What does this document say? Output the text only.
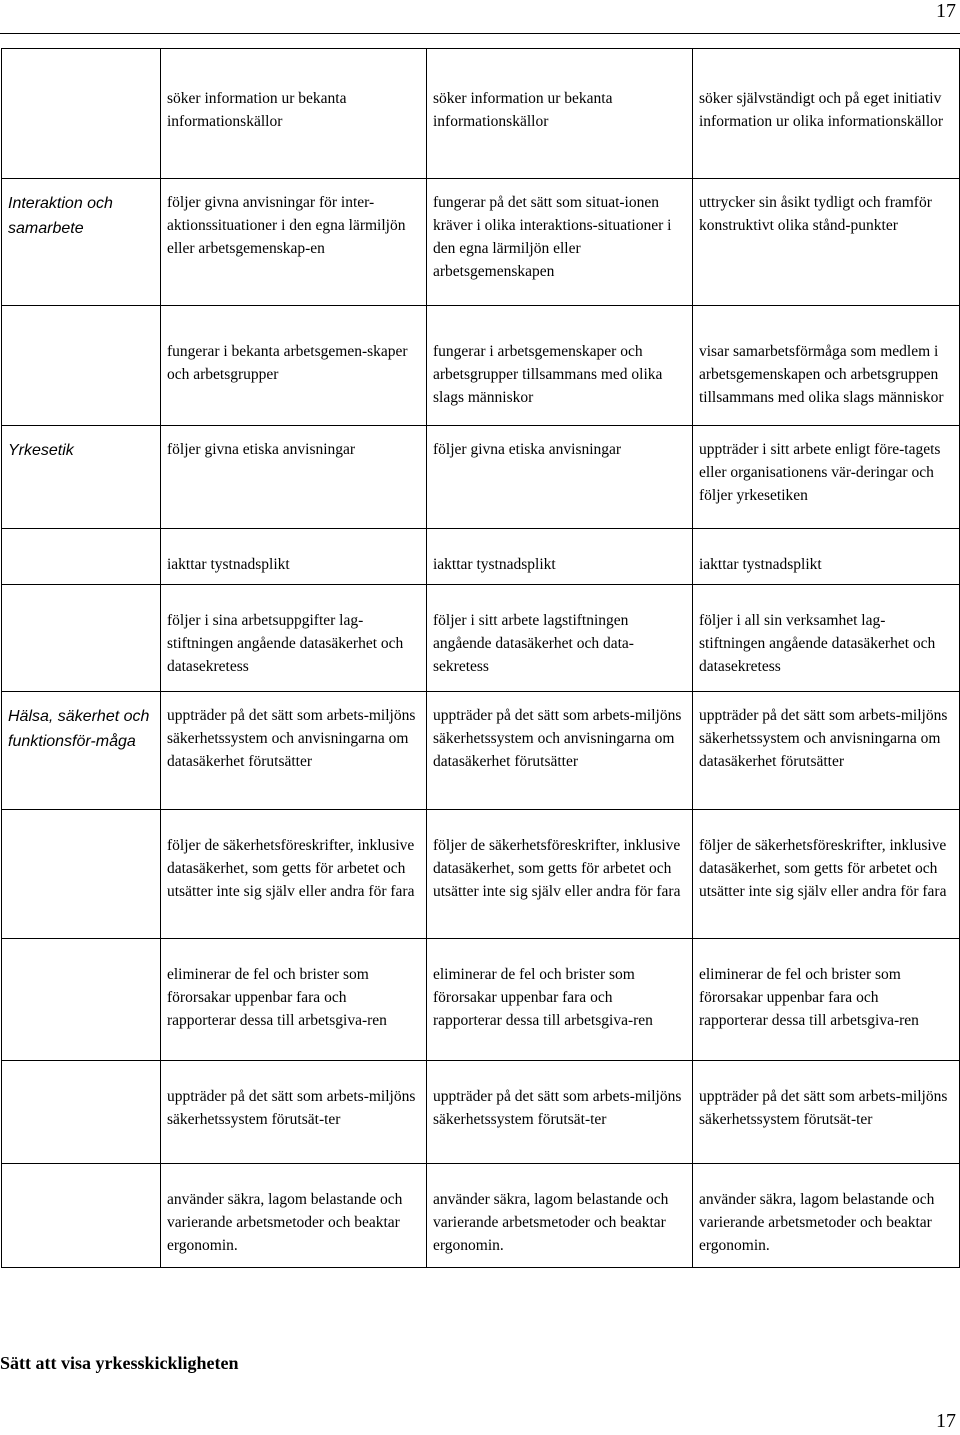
17

	söker information ur bekanta informationskällor	söker information ur bekanta informationskällor	söker självständigt och på eget initiativ information ur olika informationskällor

Interaktion och samarbete	följer givna anvisningar för inter-aktionssituationer i den egna lärmiljön eller arbetsgemenskap-en	fungerar på det sätt som situat-ionen kräver i olika interaktions-situationer i den egna lärmiljön eller arbetsgemenskapen	uttrycker sin åsikt tydligt och framför konstruktivt olika stånd-punkter

	fungerar i bekanta arbetsgemen-skaper och arbetsgrupper	fungerar i arbetsgemenskaper och arbetsgrupper tillsammans med olika slags människor	visar samarbetsförmåga som medlem i arbetsgemenskapen och arbetsgruppen tillsammans med olika slags människor

Yrkesetik	följer givna etiska anvisningar	följer givna etiska anvisningar	uppträder i sitt arbete enligt före-tagets eller organisationens vär-deringar och följer yrkesetiken

	iakttar tystnadsplikt	iakttar tystnadsplikt	iakttar tystnadsplikt

	följer i sina arbetsuppgifter lag-stiftningen angående datasäkerhet och datasekretess	följer i sitt arbete lagstiftningen angående datasäkerhet och data-sekretess	följer i all sin verksamhet lag-stiftningen angående datasäkerhet och datasekretess

Hälsa, säkerhet och funktionsför-måga	uppträder på det sätt som arbets-miljöns säkerhetssystem och anvisningarna om datasäkerhet förutsätter	uppträder på det sätt som arbets-miljöns säkerhetssystem och anvisningarna om datasäkerhet förutsätter	uppträder på det sätt som arbets-miljöns säkerhetssystem och anvisningarna om datasäkerhet förutsätter

	följer de säkerhetsföreskrifter, inklusive datasäkerhet, som getts för arbetet och utsätter inte sig själv eller andra för fara	följer de säkerhetsföreskrifter, inklusive datasäkerhet, som getts för arbetet och utsätter inte sig själv eller andra för fara	följer de säkerhetsföreskrifter, inklusive datasäkerhet, som getts för arbetet och utsätter inte sig själv eller andra för fara

	eliminerar de fel och brister som förorsakar uppenbar fara och rapporterar dessa till arbetsgiva-ren	eliminerar de fel och brister som förorsakar uppenbar fara och rapporterar dessa till arbetsgiva-ren	eliminerar de fel och brister som förorsakar uppenbar fara och rapporterar dessa till arbetsgiva-ren

	uppträder på det sätt som arbets-miljöns säkerhetssystem förutsät-ter	uppträder på det sätt som arbets-miljöns säkerhetssystem förutsät-ter	uppträder på det sätt som arbets-miljöns säkerhetssystem förutsät-ter

	använder säkra, lagom belastande och varierande arbetsmetoder och beaktar ergonomin.	använder säkra, lagom belastande och varierande arbetsmetoder och beaktar ergonomin.	använder säkra, lagom belastande och varierande arbetsmetoder och beaktar ergonomin.
Sätt att visa yrkesskickligheten
17
